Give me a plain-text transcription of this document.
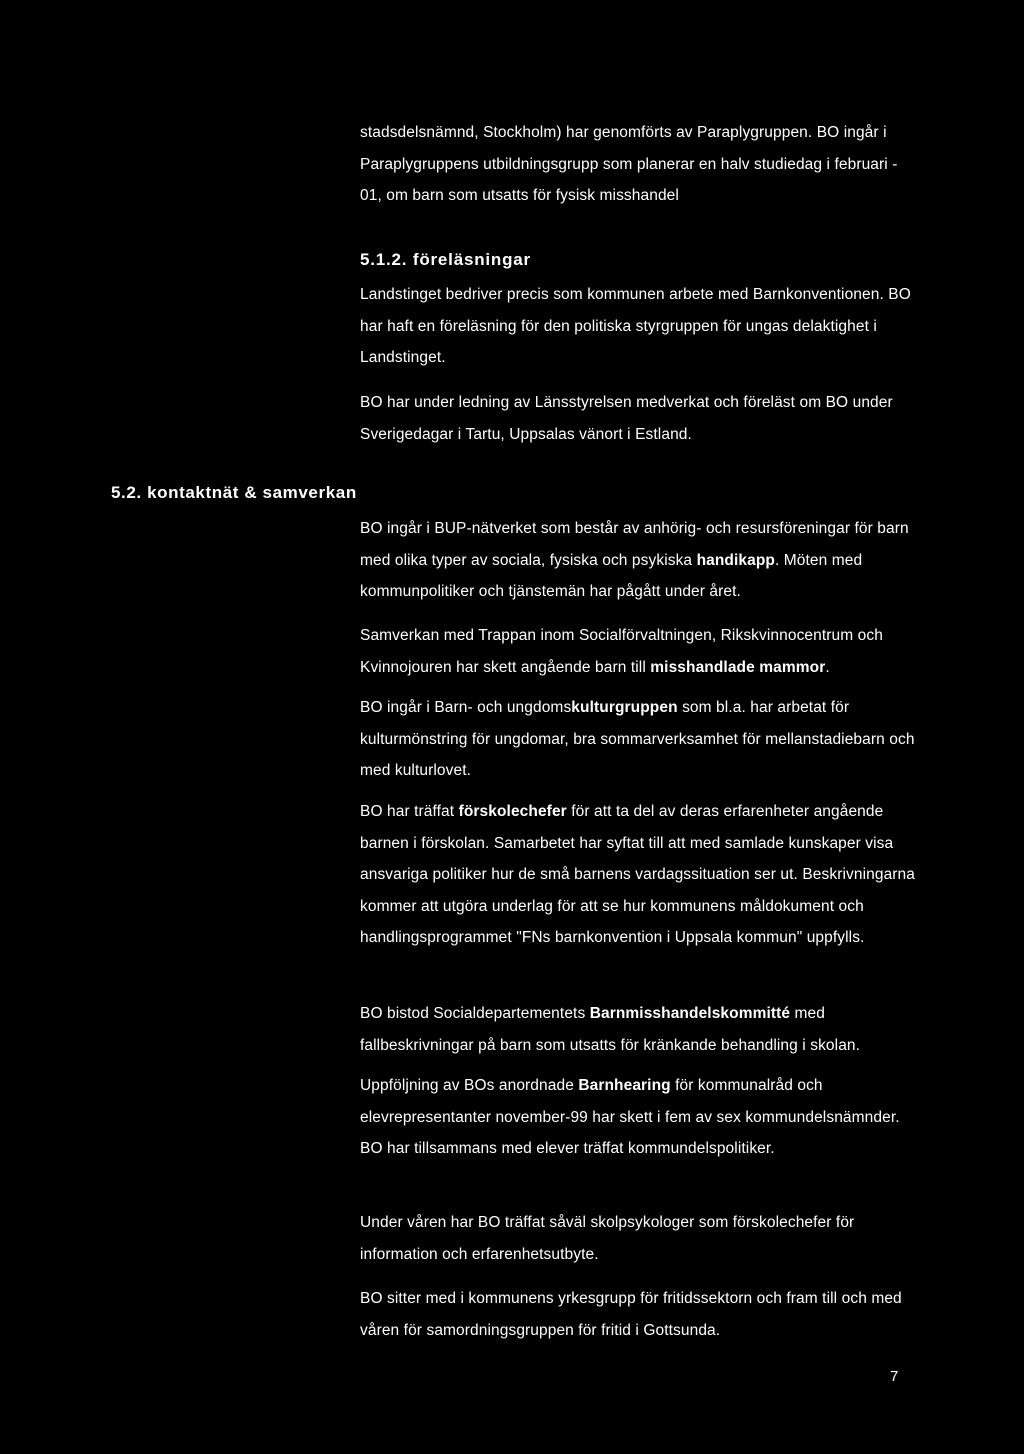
stadsdelsnämnd, Stockholm) har genomförts av Paraplygruppen. BO ingår i Paraplygruppens utbildningsgrupp som planerar en halv studiedag i februari - 01, om barn som utsatts för fysisk misshandel

5.1.2. föreläsningar

Landstinget bedriver precis som kommunen arbete med Barnkonventionen. BO har haft en föreläsning för den politiska styrgruppen för ungas delaktighet i Landstinget.

BO har under ledning av Länsstyrelsen medverkat och föreläst om BO under Sverigedagar i Tartu, Uppsalas vänort i Estland.

5.2. kontaktnät & samverkan

BO ingår i BUP-nätverket som består av anhörig- och resursföreningar för barn med olika typer av sociala, fysiska och psykiska handikapp. Möten med kommunpolitiker och tjänstemän har pågått under året.

Samverkan med Trappan inom Socialförvaltningen, Rikskvinnocentrum och Kvinnojouren har skett angående barn till misshandlade mammor.

BO ingår i Barn- och ungdomskulturgruppen som bl.a. har arbetat för kulturmönstring för ungdomar, bra sommarverksamhet för mellanstadiebarn och med kulturlovet.

BO har träffat förskolechefer för att ta del av deras erfarenheter angående barnen i förskolan. Samarbetet har syftat till att med samlade kunskaper visa ansvariga politiker hur de små barnens vardagssituation ser ut. Beskrivningarna kommer att utgöra underlag för att se hur kommunens måldokument och handlingsprogrammet "FNs barnkonvention i Uppsala kommun" uppfylls.

BO bistod Socialdepartementets Barnmisshandelskommitté med fallbeskrivningar på barn som utsatts för kränkande behandling i skolan.

Uppföljning av BOs anordnade Barnhearing för kommunalråd och elevrepresentanter november-99 har skett i fem av sex kommundelsnämnder. BO har tillsammans med elever träffat kommundelspolitiker.

Under våren har BO träffat såväl skolpsykologer som förskolechefer för information och erfarenhetsutbyte.

BO sitter med i kommunens yrkesgrupp för fritidssektorn och fram till och med våren för samordningsgruppen för fritid i Gottsunda.

7
